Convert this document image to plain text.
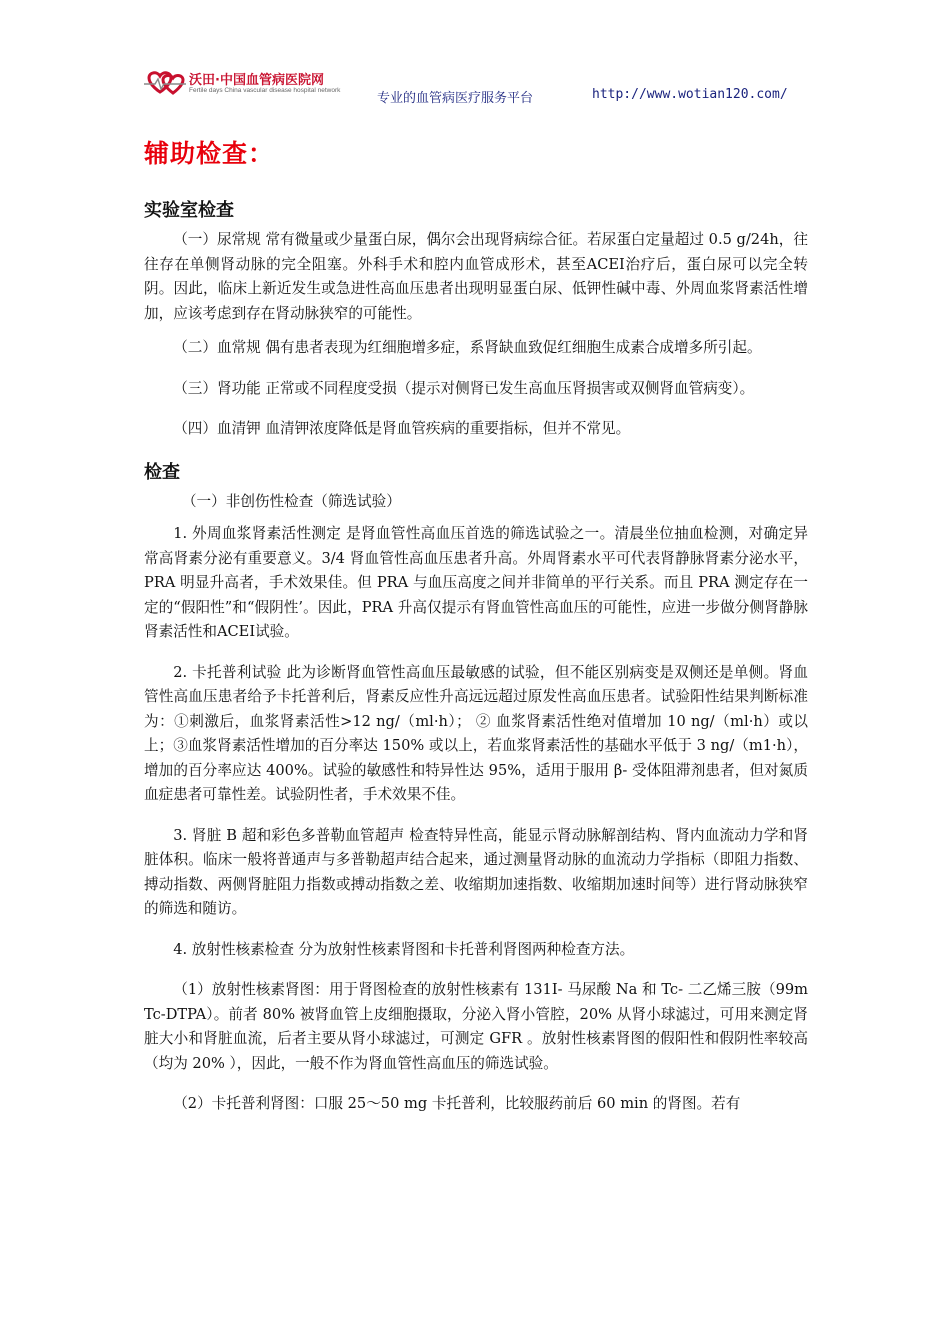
沃田·中国血管病医院网
Fertile days China vascular disease hospital network
专业的血管病医疗服务平台	http://www.wotian120.com/
辅助检查：
实验室检查

（一）尿常规 常有微量或少量蛋白尿，偶尔会出现肾病综合征。若尿蛋白定量超过 0.5 g/24h，往往存在单侧肾动脉的完全阻塞。外科手术和腔内血管成形术，甚至ACEI治疗后，蛋白尿可以完全转阴。因此，临床上新近发生或急进性高血压患者出现明显蛋白尿、低钾性碱中毒、外周血浆肾素活性增加，应该考虑到存在肾动脉狭窄的可能性。

（二）血常规 偶有患者表现为红细胞增多症，系肾缺血致促红细胞生成素合成增多所引起。

（三）肾功能 正常或不同程度受损（提示对侧肾已发生高血压肾损害或双侧肾血管病变）。

（四）血清钾 血清钾浓度降低是肾血管疾病的重要指标，但并不常见。

检查

（一）非创伤性检查（筛选试验）

1. 外周血浆肾素活性测定 是肾血管性高血压首选的筛选试验之一。清晨坐位抽血检测，对确定异常高肾素分泌有重要意义。3/4 肾血管性高血压患者升高。外周肾素水平可代表肾静脉肾素分泌水平，PRA 明显升高者，手术效果佳。但 PRA 与血压高度之间并非简单的平行关系。而且 PRA 测定存在一定的“假阳性”和“假阴性’。因此，PRA 升高仅提示有肾血管性高血压的可能性，应进一步做分侧肾静脉肾素活性和ACEI试验。

2. 卡托普利试验 此为诊断肾血管性高血压最敏感的试验，但不能区别病变是双侧还是单侧。肾血管性高血压患者给予卡托普利后，肾素反应性升高远远超过原发性高血压患者。试验阳性结果判断标准为：①刺激后，血浆肾素活性>12 ng/（ml·h）； ② 血浆肾素活性绝对值增加 10 ng/（ml·h）或以上；③血浆肾素活性增加的百分率达 150% 或以上，若血浆肾素活性的基础水平低于 3 ng/（m1·h），增加的百分率应达 400%。试验的敏感性和特异性达 95%，适用于服用 β- 受体阻滞剂患者，但对氮质血症患者可靠性差。试验阴性者，手术效果不佳。

3. 肾脏 B 超和彩色多普勒血管超声 检查特异性高，能显示肾动脉解剖结构、肾内血流动力学和肾脏体积。临床一般将普通声与多普勒超声结合起来，通过测量肾动脉的血流动力学指标（即阻力指数、搏动指数、两侧肾脏阻力指数或搏动指数之差、收缩期加速指数、收缩期加速时间等）进行肾动脉狭窄的筛选和随访。

4. 放射性核素检查 分为放射性核素肾图和卡托普利肾图两种检查方法。

（1）放射性核素肾图：用于肾图检查的放射性核素有 131I- 马尿酸 Na 和 Tc- 二乙烯三胺（99m Tc-DTPA）。前者 80% 被肾血管上皮细胞摄取，分泌入肾小管腔，20% 从肾小球滤过，可用来测定肾脏大小和肾脏血流，后者主要从肾小球滤过，可测定 GFR 。放射性核素肾图的假阳性和假阴性率较高（均为 20% ），因此，一般不作为肾血管性高血压的筛选试验。

（2）卡托普利肾图：口服 25～50 mg 卡托普利，比较服药前后 60 min 的肾图。若有
